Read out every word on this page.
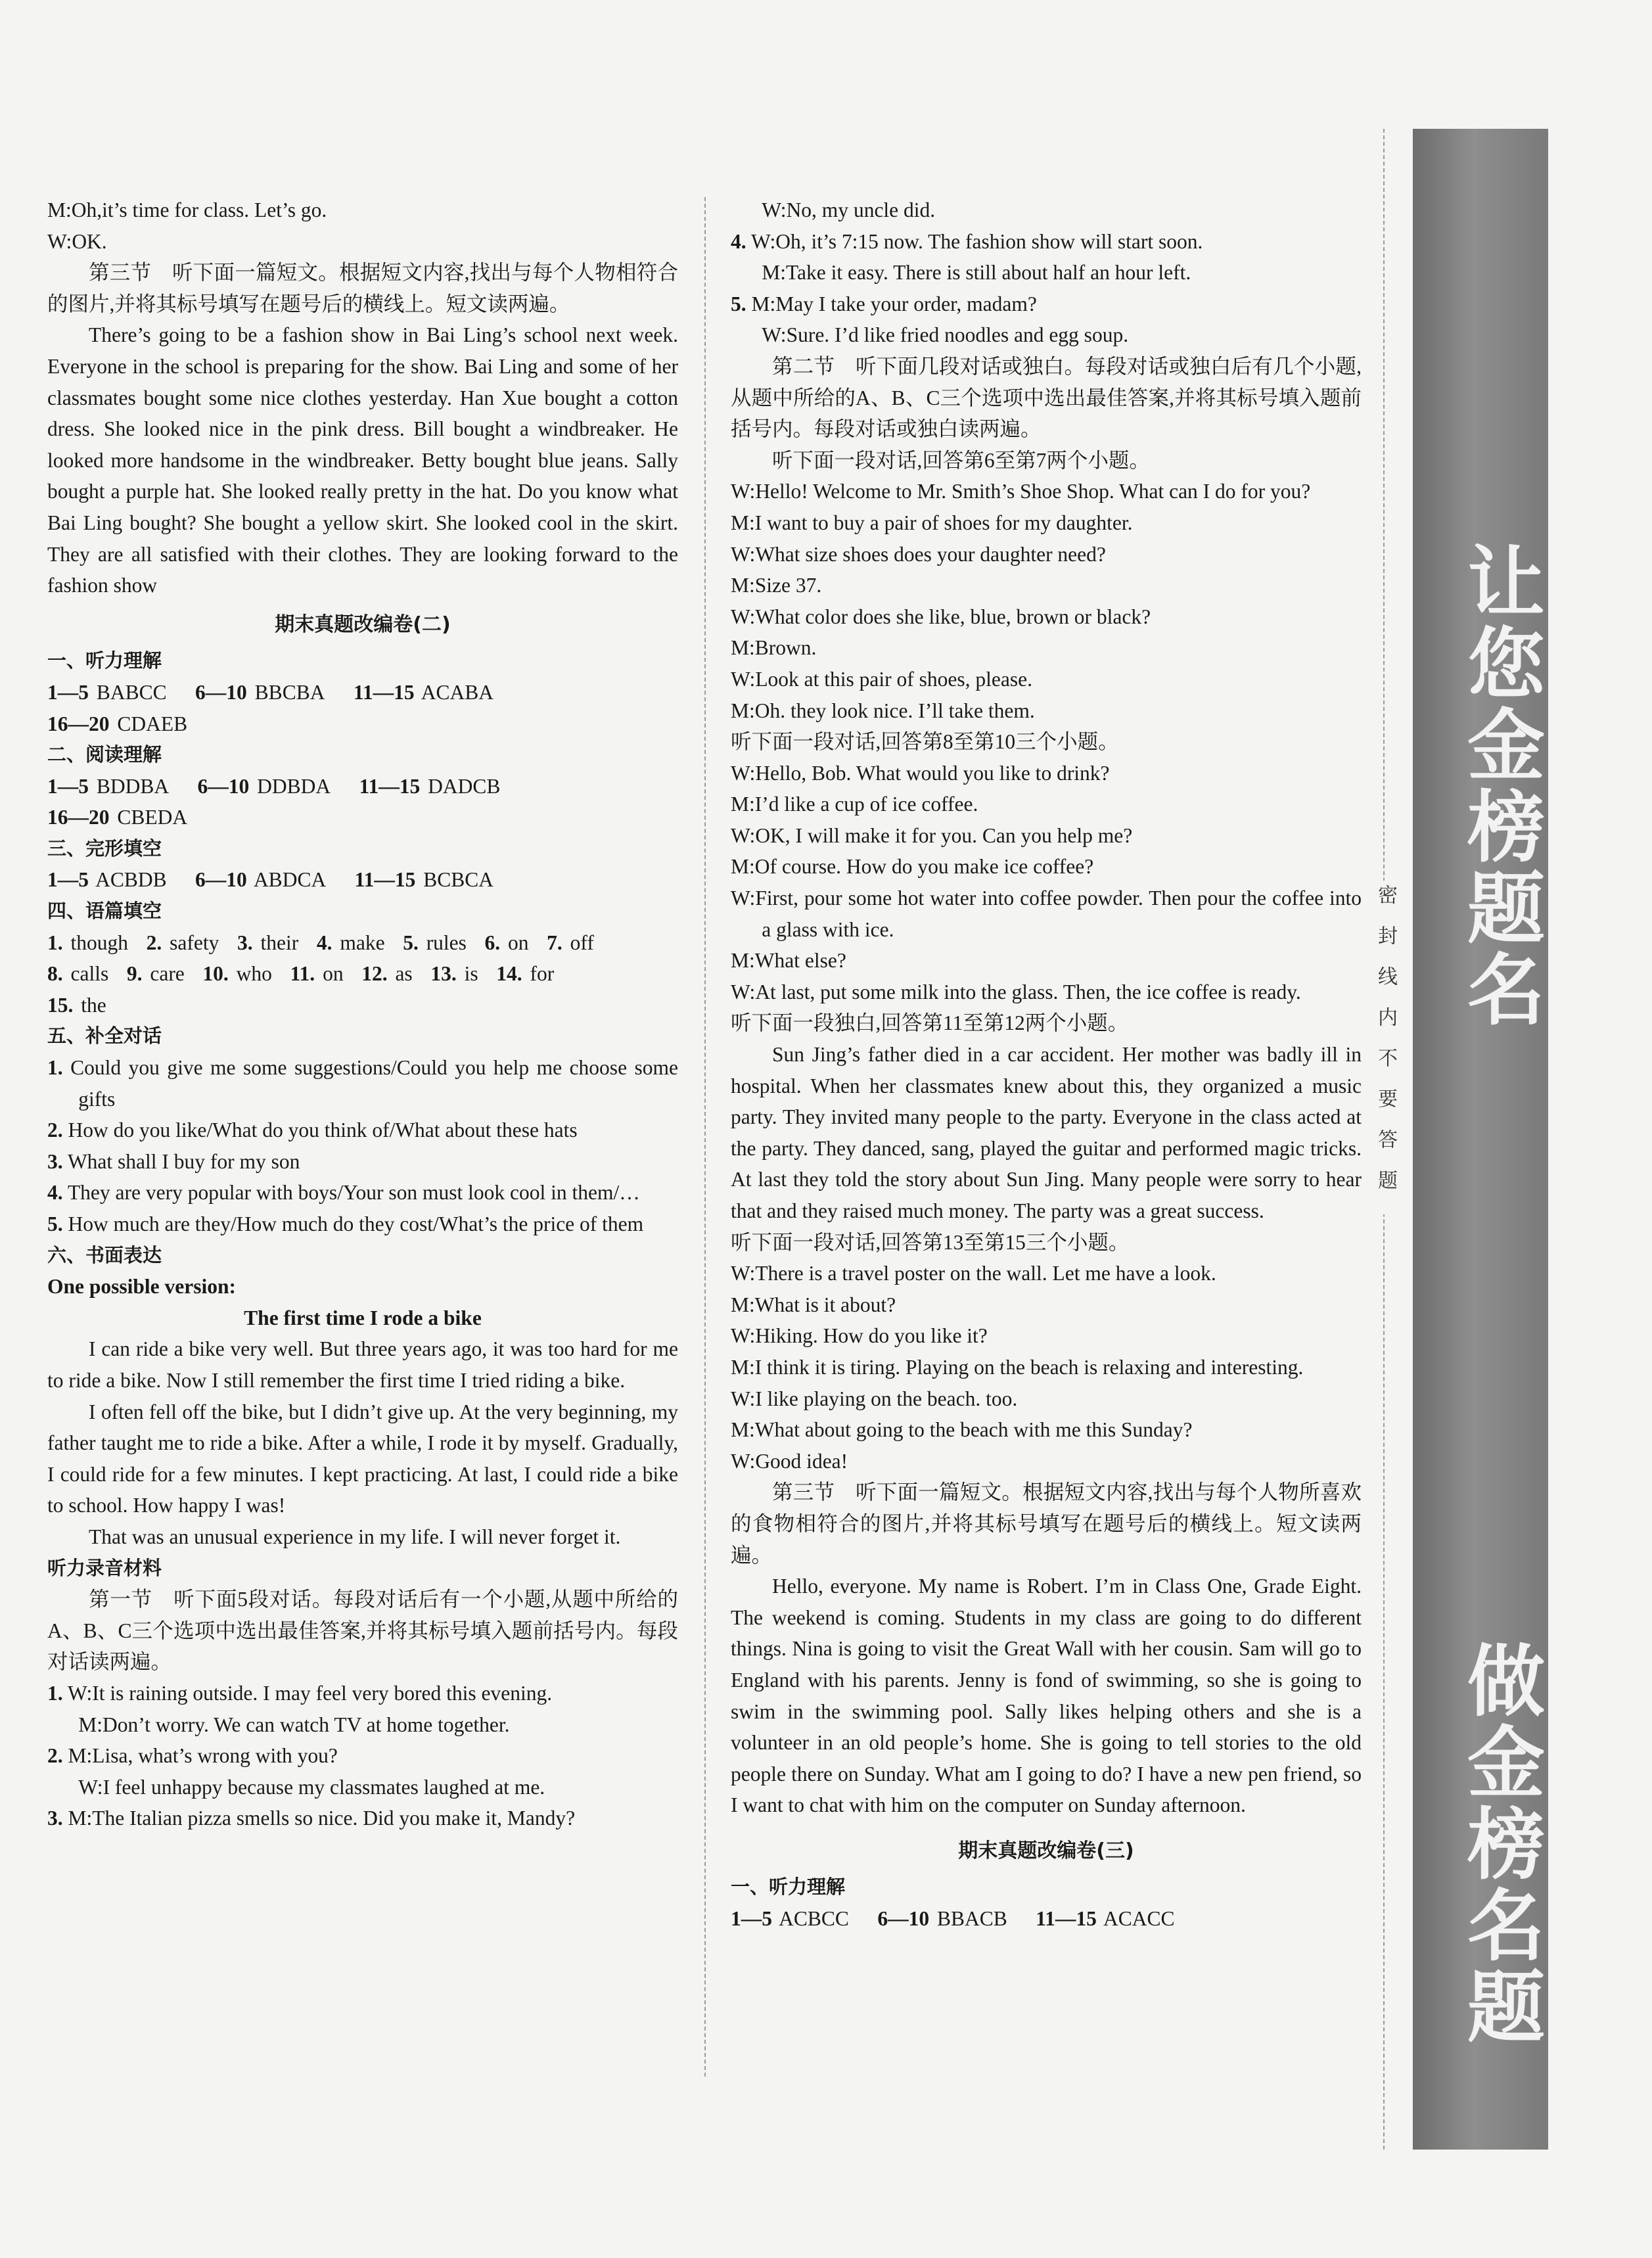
M:Oh,it’s time for class. Let’s go.

W:OK.

第三节　听下面一篇短文。根据短文内容,找出与每个人物相符合的图片,并将其标号填写在题号后的横线上。短文读两遍。

There’s going to be a fashion show in Bai Ling’s school next week. Everyone in the school is preparing for the show. Bai Ling and some of her classmates bought some nice clothes yesterday. Han Xue bought a cotton dress. She looked nice in the pink dress. Bill bought a windbreaker. He looked more handsome in the windbreaker. Betty bought blue jeans. Sally bought a purple hat. She looked really pretty in the hat. Do you know what Bai Ling bought? She bought a yellow skirt. She looked cool in the skirt. They are all satisfied with their clothes. They are looking forward to the fashion show

期末真题改编卷(二)

一、听力理解

1—5 BABCC  6—10 BBCBA  11—15 ACABA

16—20 CDAEB

二、阅读理解

1—5 BDDBA  6—10 DDBDA  11—15 DADCB

16—20 CBEDA

三、完形填空

1—5 ACBDB  6—10 ABDCA  11—15 BCBCA

四、语篇填空

1. though  2. safety  3. their  4. make  5. rules  6. on  7. off

8. calls  9. care  10. who  11. on  12. as  13. is  14. for

15. the

五、补全对话

1. Could you give me some suggestions/Could you help me choose some gifts

2. How do you like/What do you think of/What about these hats

3. What shall I buy for my son

4. They are very popular with boys/Your son must look cool in them/…

5. How much are they/How much do they cost/What’s the price of them

六、书面表达

One possible version:

The first time I rode a bike

I can ride a bike very well. But three years ago, it was too hard for me to ride a bike. Now I still remember the first time I tried riding a bike.

I often fell off the bike, but I didn’t give up. At the very beginning, my father taught me to ride a bike. After a while, I rode it by myself. Gradually, I could ride for a few minutes. I kept practicing. At last, I could ride a bike to school. How happy I was!

That was an unusual experience in my life. I will never forget it.

听力录音材料

第一节　听下面5段对话。每段对话后有一个小题,从题中所给的A、B、C三个选项中选出最佳答案,并将其标号填入题前括号内。每段对话读两遍。

1. W:It is raining outside. I may feel very bored this evening.

M:Don’t worry. We can watch TV at home together.

2. M:Lisa, what’s wrong with you?

W:I feel unhappy because my classmates laughed at me.

3. M:The Italian pizza smells so nice. Did you make it, Mandy?

W:No, my uncle did.

4. W:Oh, it’s 7:15 now. The fashion show will start soon.

M:Take it easy. There is still about half an hour left.

5. M:May I take your order, madam?

W:Sure. I’d like fried noodles and egg soup.

第二节　听下面几段对话或独白。每段对话或独白后有几个小题,从题中所给的A、B、C三个选项中选出最佳答案,并将其标号填入题前括号内。每段对话或独白读两遍。

听下面一段对话,回答第6至第7两个小题。

W:Hello! Welcome to Mr. Smith’s Shoe Shop. What can I do for you?

M:I want to buy a pair of shoes for my daughter.

W:What size shoes does your daughter need?

M:Size 37.

W:What color does she like, blue, brown or black?

M:Brown.

W:Look at this pair of shoes, please.

M:Oh. they look nice. I’ll take them.

听下面一段对话,回答第8至第10三个小题。

W:Hello, Bob. What would you like to drink?

M:I’d like a cup of ice coffee.

W:OK, I will make it for you. Can you help me?

M:Of course. How do you make ice coffee?

W:First, pour some hot water into coffee powder. Then pour the coffee into a glass with ice.

M:What else?

W:At last, put some milk into the glass. Then, the ice coffee is ready.

听下面一段独白,回答第11至第12两个小题。

Sun Jing’s father died in a car accident. Her mother was badly ill in hospital. When her classmates knew about this, they organized a music party. They invited many people to the party. Everyone in the class acted at the party. They danced, sang, played the guitar and performed magic tricks. At last they told the story about Sun Jing. Many people were sorry to hear that and they raised much money. The party was a great success.

听下面一段对话,回答第13至第15三个小题。

W:There is a travel poster on the wall. Let me have a look.

M:What is it about?

W:Hiking. How do you like it?

M:I think it is tiring. Playing on the beach is relaxing and interesting.

W:I like playing on the beach. too.

M:What about going to the beach with me this Sunday?

W:Good idea!

第三节　听下面一篇短文。根据短文内容,找出与每个人物所喜欢的食物相符合的图片,并将其标号填写在题号后的横线上。短文读两遍。

Hello, everyone. My name is Robert. I’m in Class One, Grade Eight. The weekend is coming. Students in my class are going to do different things. Nina is going to visit the Great Wall with her cousin. Sam will go to England with his parents. Jenny is fond of swimming, so she is going to swim in the swimming pool. Sally likes helping others and she is a volunteer in an old people’s home. She is going to tell stories to the old people there on Sunday. What am I going to do? I have a new pen friend, so I want to chat with him on the computer on Sunday afternoon.

期末真题改编卷(三)

一、听力理解

1—5 ACBCC  6—10 BBACB  11—15 ACACC

密封线内不要答题
让您金榜题名
做金榜名题
